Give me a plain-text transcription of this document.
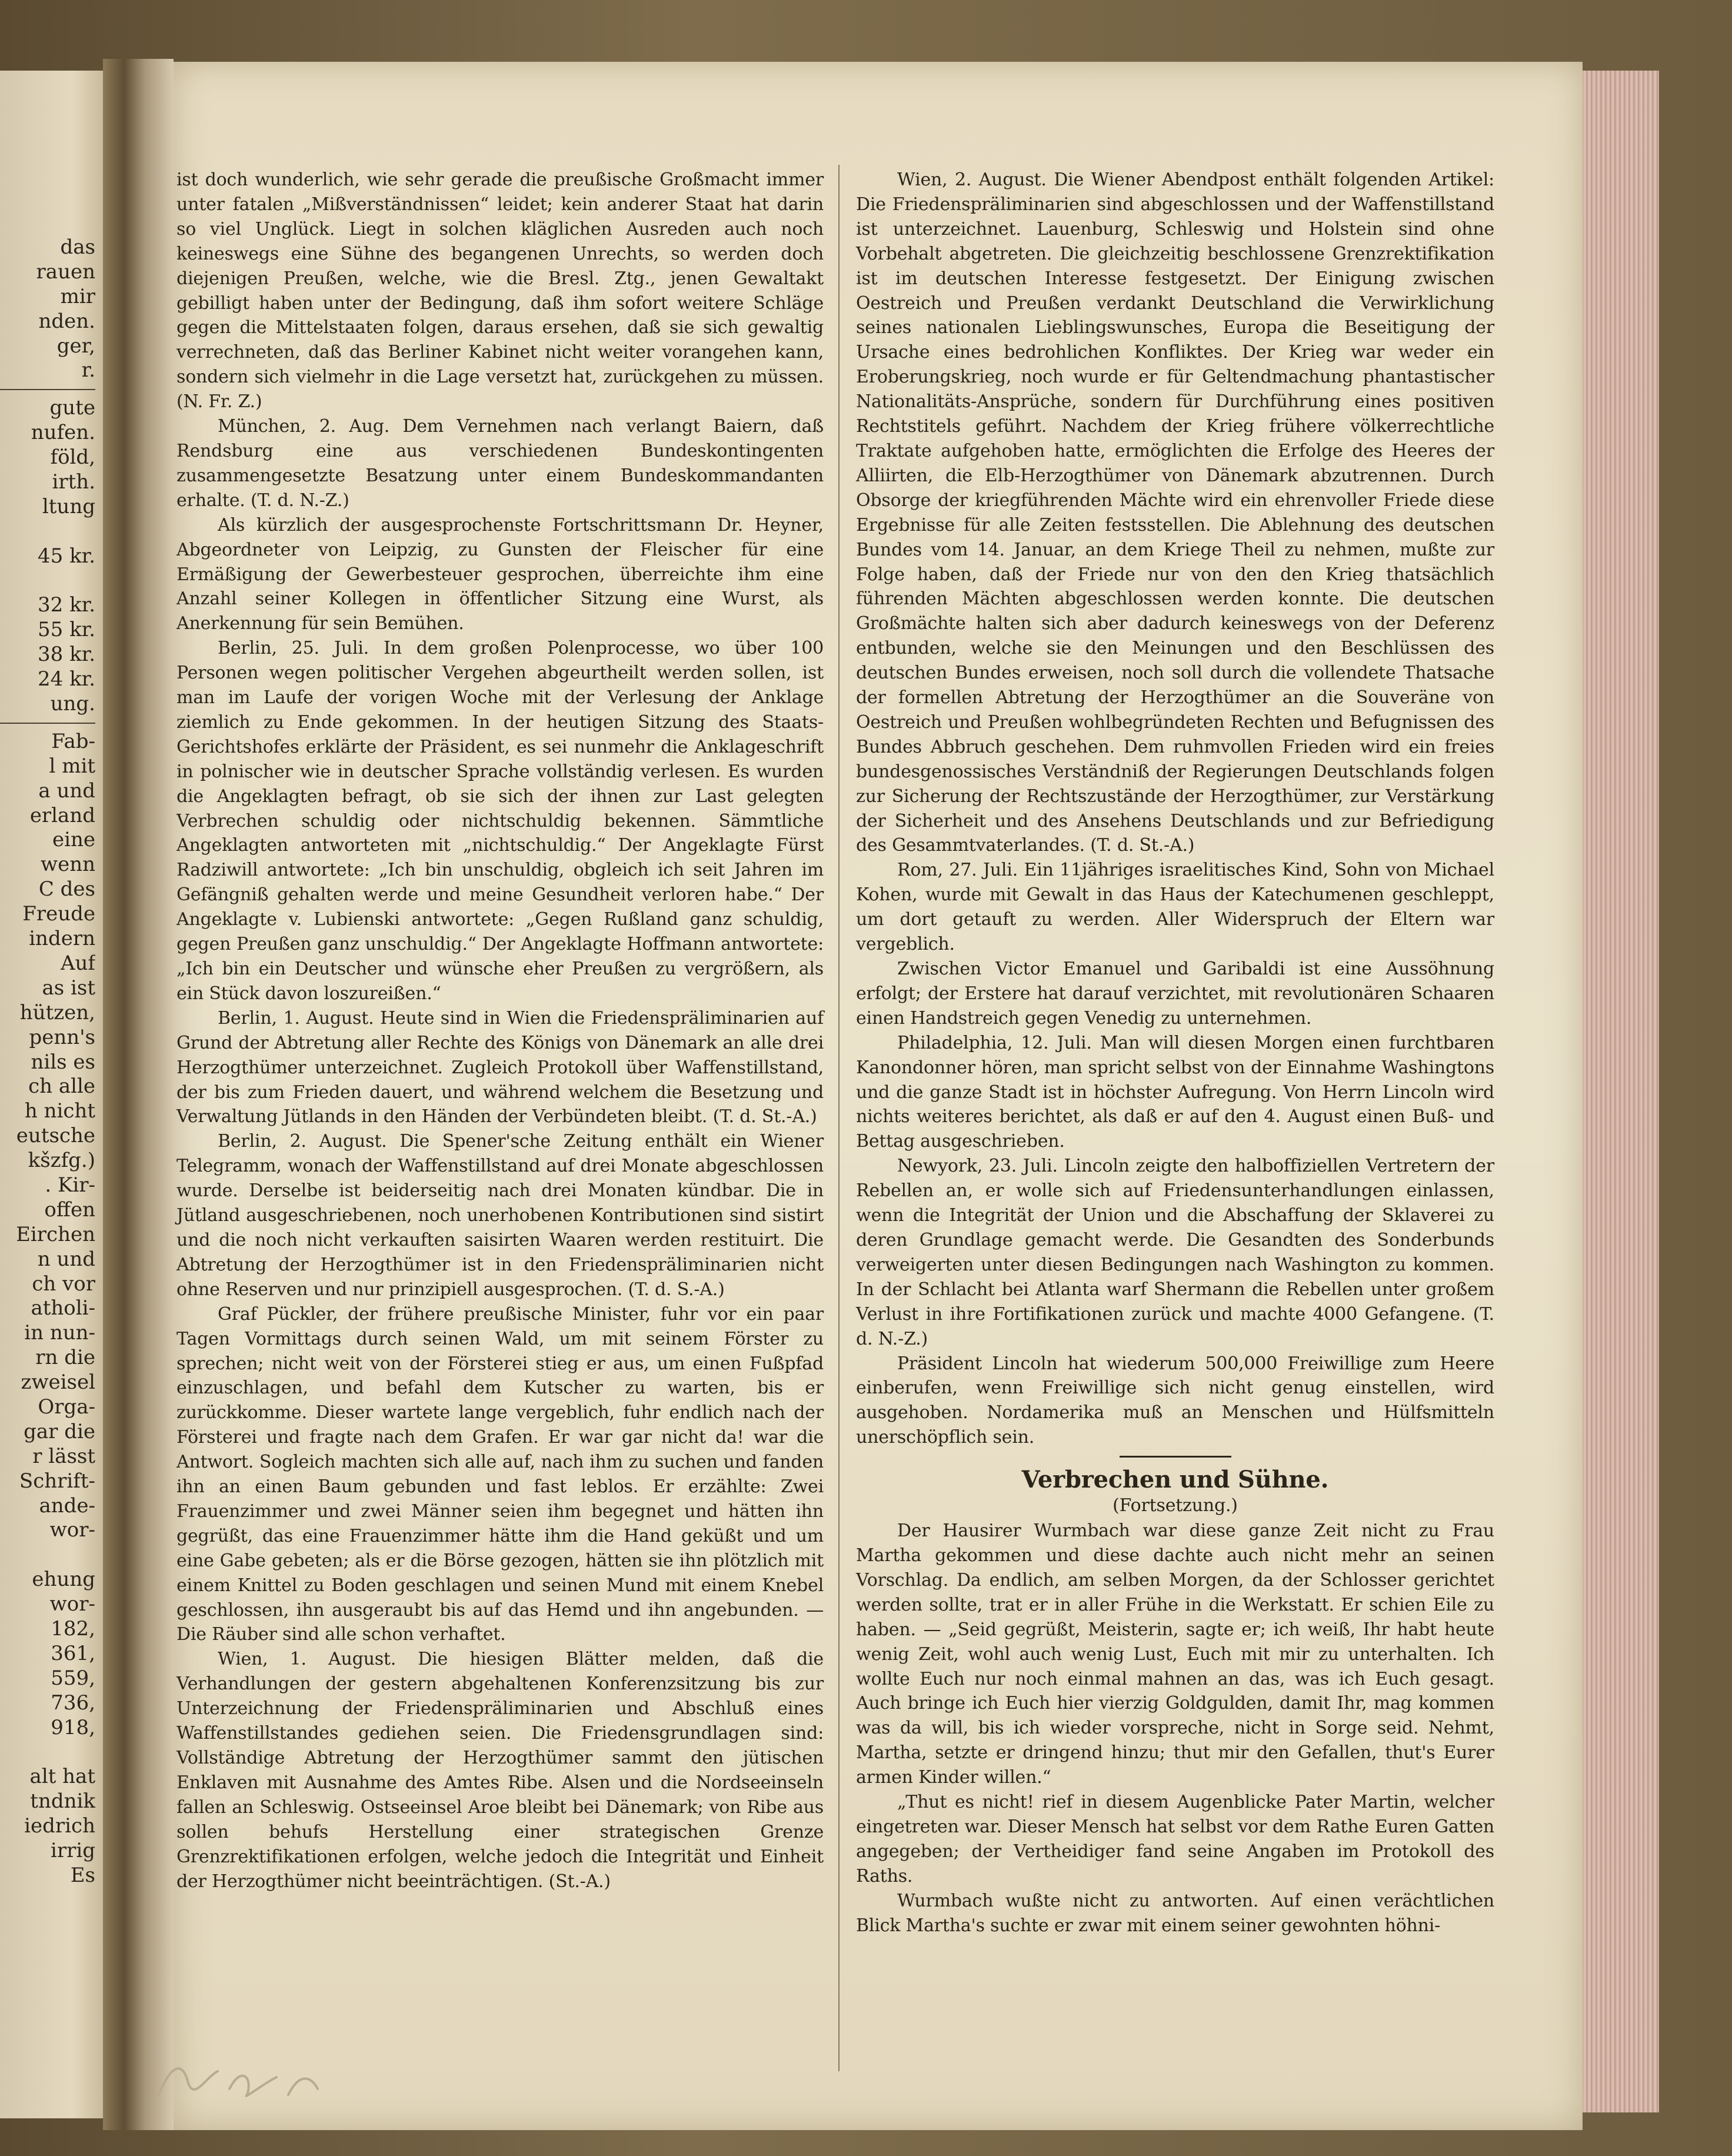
das
rauen
mir
nden.
ger,
r.
gute
nufen.
föld,
irth.
ltung
45 kr.
32 kr.
55 kr.
38 kr.
24 kr.
ung.
Fab-
l mit
a und
erland
eine
wenn
C des
Freude
indern
Auf
as ist
hützen,
penn's
nils es
ch alle
h nicht
eutsche
kšzfg.)
. Kir-
offen
Eirchen
n und
ch vor
atholi-
in nun-
rn die
zweisel
Orga-
gar die
r lässt
Schrift-
ande-
wor-
ehung
wor-
182,
361,
559,
736,
918,
alt hat
tndnik
iedrich
irrig
Es

ist doch wunderlich, wie sehr gerade die preußische Großmacht immer unter fatalen „Mißverständnissen“ leidet; kein anderer Staat hat darin so viel Unglück. Liegt in solchen kläglichen Ausreden auch noch keineswegs eine Sühne des begangenen Unrechts, so werden doch diejenigen Preußen, welche, wie die Bresl. Ztg., jenen Gewaltakt gebilligt haben unter der Bedingung, daß ihm sofort weitere Schläge gegen die Mittelstaaten folgen, daraus ersehen, daß sie sich gewaltig verrechneten, daß das Berliner Kabinet nicht weiter vorangehen kann, sondern sich vielmehr in die Lage versetzt hat, zurückgehen zu müssen. (N. Fr. Z.)

München, 2. Aug. Dem Vernehmen nach verlangt Baiern, daß Rendsburg eine aus verschiedenen Bundeskontingenten zusammengesetzte Besatzung unter einem Bundeskommandanten erhalte. (T. d. N.-Z.)

Als kürzlich der ausgesprochenste Fortschrittsmann Dr. Heyner, Abgeordneter von Leipzig, zu Gunsten der Fleischer für eine Ermäßigung der Gewerbesteuer gesprochen, überreichte ihm eine Anzahl seiner Kollegen in öffentlicher Sitzung eine Wurst, als Anerkennung für sein Bemühen.

Berlin, 25. Juli. In dem großen Polenprocesse, wo über 100 Personen wegen politischer Vergehen abgeurtheilt werden sollen, ist man im Laufe der vorigen Woche mit der Verlesung der Anklage ziemlich zu Ende gekommen. In der heutigen Sitzung des Staats-Gerichtshofes erklärte der Präsident, es sei nunmehr die Anklageschrift in polnischer wie in deutscher Sprache vollständig verlesen. Es wurden die Angeklagten befragt, ob sie sich der ihnen zur Last gelegten Verbrechen schuldig oder nichtschuldig bekennen. Sämmtliche Angeklagten antworteten mit „nichtschuldig.“ Der Angeklagte Fürst Radziwill antwortete: „Ich bin unschuldig, obgleich ich seit Jahren im Gefängniß gehalten werde und meine Gesundheit verloren habe.“ Der Angeklagte v. Lubienski antwortete: „Gegen Rußland ganz schuldig, gegen Preußen ganz unschuldig.“ Der Angeklagte Hoffmann antwortete: „Ich bin ein Deutscher und wünsche eher Preußen zu vergrößern, als ein Stück davon loszureißen.“

Berlin, 1. August. Heute sind in Wien die Friedenspräliminarien auf Grund der Abtretung aller Rechte des Königs von Dänemark an alle drei Herzogthümer unterzeichnet. Zugleich Protokoll über Waffenstillstand, der bis zum Frieden dauert, und während welchem die Besetzung und Verwaltung Jütlands in den Händen der Verbündeten bleibt. (T. d. St.-A.)

Berlin, 2. August. Die Spener'sche Zeitung enthält ein Wiener Telegramm, wonach der Waffenstillstand auf drei Monate abgeschlossen wurde. Derselbe ist beiderseitig nach drei Monaten kündbar. Die in Jütland ausgeschriebenen, noch unerhobenen Kontributionen sind sistirt und die noch nicht verkauften saisirten Waaren werden restituirt. Die Abtretung der Herzogthümer ist in den Friedenspräliminarien nicht ohne Reserven und nur prinzipiell ausgesprochen. (T. d. S.-A.)

Graf Pückler, der frühere preußische Minister, fuhr vor ein paar Tagen Vormittags durch seinen Wald, um mit seinem Förster zu sprechen; nicht weit von der Försterei stieg er aus, um einen Fußpfad einzuschlagen, und befahl dem Kutscher zu warten, bis er zurückkomme. Dieser wartete lange vergeblich, fuhr endlich nach der Försterei und fragte nach dem Grafen. Er war gar nicht da! war die Antwort. Sogleich machten sich alle auf, nach ihm zu suchen und fanden ihn an einen Baum gebunden und fast leblos. Er erzählte: Zwei Frauenzimmer und zwei Männer seien ihm begegnet und hätten ihn gegrüßt, das eine Frauenzimmer hätte ihm die Hand geküßt und um eine Gabe gebeten; als er die Börse gezogen, hätten sie ihn plötzlich mit einem Knittel zu Boden geschlagen und seinen Mund mit einem Knebel geschlossen, ihn ausgeraubt bis auf das Hemd und ihn angebunden. — Die Räuber sind alle schon verhaftet.

Wien, 1. August. Die hiesigen Blätter melden, daß die Verhandlungen der gestern abgehaltenen Konferenzsitzung bis zur Unterzeichnung der Friedenspräliminarien und Abschluß eines Waffenstillstandes gediehen seien. Die Friedensgrundlagen sind: Vollständige Abtretung der Herzogthümer sammt den jütischen Enklaven mit Ausnahme des Amtes Ribe. Alsen und die Nordseeinseln fallen an Schleswig. Ostseeinsel Aroe bleibt bei Dänemark; von Ribe aus sollen behufs Herstellung einer strategischen Grenze Grenzrektifikationen erfolgen, welche jedoch die Integrität und Einheit der Herzogthümer nicht beeinträchtigen. (St.-A.)

Wien, 2. August. Die Wiener Abendpost enthält folgenden Artikel: Die Friedenspräliminarien sind abgeschlossen und der Waffenstillstand ist unterzeichnet. Lauenburg, Schleswig und Holstein sind ohne Vorbehalt abgetreten. Die gleichzeitig beschlossene Grenzrektifikation ist im deutschen Interesse festgesetzt. Der Einigung zwischen Oestreich und Preußen verdankt Deutschland die Verwirklichung seines nationalen Lieblingswunsches, Europa die Beseitigung der Ursache eines bedrohlichen Konfliktes. Der Krieg war weder ein Eroberungskrieg, noch wurde er für Geltendmachung phantastischer Nationalitäts-Ansprüche, sondern für Durchführung eines positiven Rechtstitels geführt. Nachdem der Krieg frühere völkerrechtliche Traktate aufgehoben hatte, ermöglichten die Erfolge des Heeres der Alliirten, die Elb-Herzogthümer von Dänemark abzutrennen. Durch Obsorge der kriegführenden Mächte wird ein ehrenvoller Friede diese Ergebnisse für alle Zeiten festsstellen. Die Ablehnung des deutschen Bundes vom 14. Januar, an dem Kriege Theil zu nehmen, mußte zur Folge haben, daß der Friede nur von den den Krieg thatsächlich führenden Mächten abgeschlossen werden konnte. Die deutschen Großmächte halten sich aber dadurch keineswegs von der Deferenz entbunden, welche sie den Meinungen und den Beschlüssen des deutschen Bundes erweisen, noch soll durch die vollendete Thatsache der formellen Abtretung der Herzogthümer an die Souveräne von Oestreich und Preußen wohlbegründeten Rechten und Befugnissen des Bundes Abbruch geschehen. Dem ruhmvollen Frieden wird ein freies bundesgenossisches Verständniß der Regierungen Deutschlands folgen zur Sicherung der Rechtszustände der Herzogthümer, zur Verstärkung der Sicherheit und des Ansehens Deutschlands und zur Befriedigung des Gesammtvaterlandes. (T. d. St.-A.)

Rom, 27. Juli. Ein 11jähriges israelitisches Kind, Sohn von Michael Kohen, wurde mit Gewalt in das Haus der Katechumenen geschleppt, um dort getauft zu werden. Aller Widerspruch der Eltern war vergeblich.

Zwischen Victor Emanuel und Garibaldi ist eine Aussöhnung erfolgt; der Erstere hat darauf verzichtet, mit revolutionären Schaaren einen Handstreich gegen Venedig zu unternehmen.

Philadelphia, 12. Juli. Man will diesen Morgen einen furchtbaren Kanondonner hören, man spricht selbst von der Einnahme Washingtons und die ganze Stadt ist in höchster Aufregung. Von Herrn Lincoln wird nichts weiteres berichtet, als daß er auf den 4. August einen Buß- und Bettag ausgeschrieben.

Newyork, 23. Juli. Lincoln zeigte den halboffiziellen Vertretern der Rebellen an, er wolle sich auf Friedensunterhandlungen einlassen, wenn die Integrität der Union und die Abschaffung der Sklaverei zu deren Grundlage gemacht werde. Die Gesandten des Sonderbunds verweigerten unter diesen Bedingungen nach Washington zu kommen. In der Schlacht bei Atlanta warf Shermann die Rebellen unter großem Verlust in ihre Fortifikationen zurück und machte 4000 Gefangene. (T. d. N.-Z.)

Präsident Lincoln hat wiederum 500,000 Freiwillige zum Heere einberufen, wenn Freiwillige sich nicht genug einstellen, wird ausgehoben. Nordamerika muß an Menschen und Hülfsmitteln unerschöpflich sein.

Verbrechen und Sühne.
(Fortsetzung.)

Der Hausirer Wurmbach war diese ganze Zeit nicht zu Frau Martha gekommen und diese dachte auch nicht mehr an seinen Vorschlag. Da endlich, am selben Morgen, da der Schlosser gerichtet werden sollte, trat er in aller Frühe in die Werkstatt. Er schien Eile zu haben. — „Seid gegrüßt, Meisterin, sagte er; ich weiß, Ihr habt heute wenig Zeit, wohl auch wenig Lust, Euch mit mir zu unterhalten. Ich wollte Euch nur noch einmal mahnen an das, was ich Euch gesagt. Auch bringe ich Euch hier vierzig Goldgulden, damit Ihr, mag kommen was da will, bis ich wieder vorspreche, nicht in Sorge seid. Nehmt, Martha, setzte er dringend hinzu; thut mir den Gefallen, thut's Eurer armen Kinder willen.“

„Thut es nicht! rief in diesem Augenblicke Pater Martin, welcher eingetreten war. Dieser Mensch hat selbst vor dem Rathe Euren Gatten angegeben; der Vertheidiger fand seine Angaben im Protokoll des Raths.

Wurmbach wußte nicht zu antworten. Auf einen verächtlichen Blick Martha's suchte er zwar mit einem seiner gewohnten höhni-
